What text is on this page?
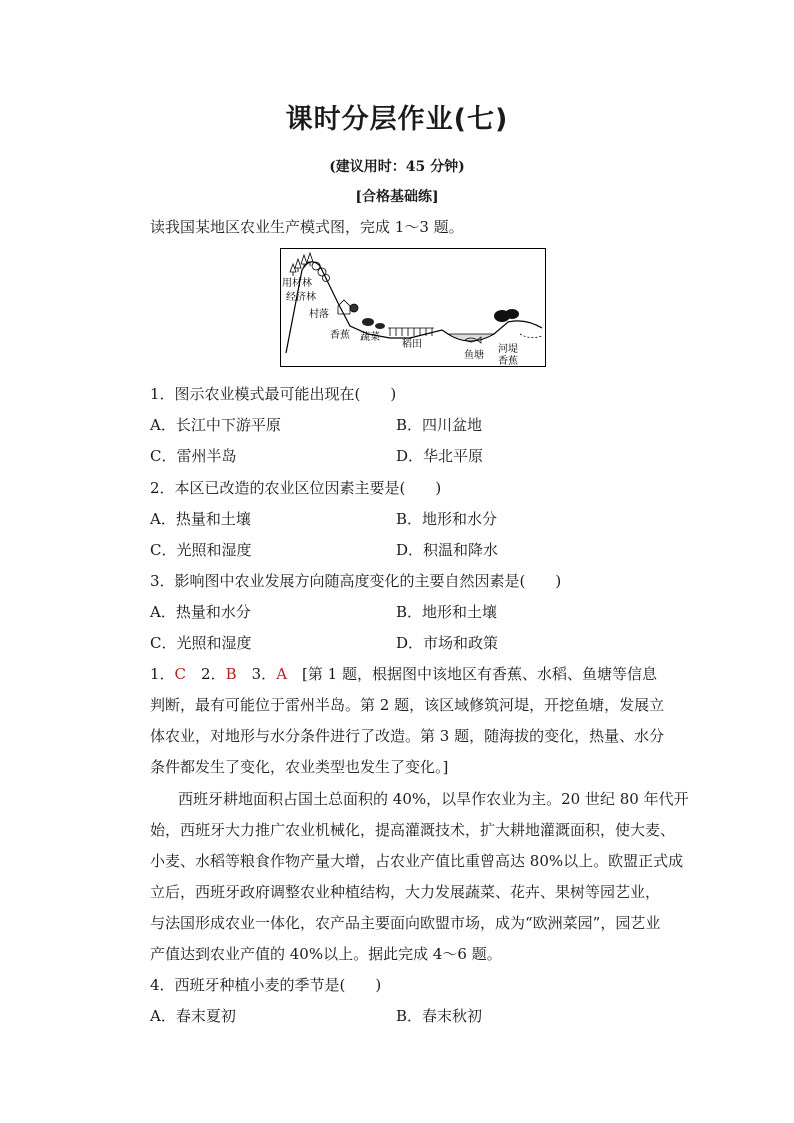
课时分层作业(七)
(建议用时：45 分钟)
[合格基础练]
读我国某地区农业生产模式图，完成 1～3 题。
用材林
经济林
村落
香蕉 蔬菜
稻田
鱼塘
河堤
香蕉
1．图示农业模式最可能出现在(　　)
A．长江中下游平原	B．四川盆地
C．雷州半岛	D．华北平原
2．本区已改造的农业区位因素主要是(　　)
A．热量和土壤	B．地形和水分
C．光照和湿度	D．积温和降水
3．影响图中农业发展方向随高度变化的主要自然因素是(　　)
A．热量和水分	B．地形和土壤
C．光照和湿度	D．市场和政策
1．C　 2．B　 3．A　 [第 1 题，根据图中该地区有香蕉、水稻、鱼塘等信息
判断，最有可能位于雷州半岛。第 2 题，该区域修筑河堤，开挖鱼塘，发展立
体农业，对地形与水分条件进行了改造。第 3 题，随海拔的变化，热量、水分
条件都发生了变化，农业类型也发生了变化。]
西班牙耕地面积占国土总面积的 40%，以旱作农业为主。20 世纪 80 年代开
始，西班牙大力推广农业机械化，提高灌溉技术，扩大耕地灌溉面积，使大麦、
小麦、水稻等粮食作物产量大增，占农业产值比重曾高达 80%以上。欧盟正式成
立后，西班牙政府调整农业种植结构，大力发展蔬菜、花卉、果树等园艺业，
与法国形成农业一体化，农产品主要面向欧盟市场，成为“欧洲菜园”，园艺业
产值达到农业产值的 40%以上。据此完成 4～6 题。
4．西班牙种植小麦的季节是(　　)
A．春末夏初	B．春末秋初
